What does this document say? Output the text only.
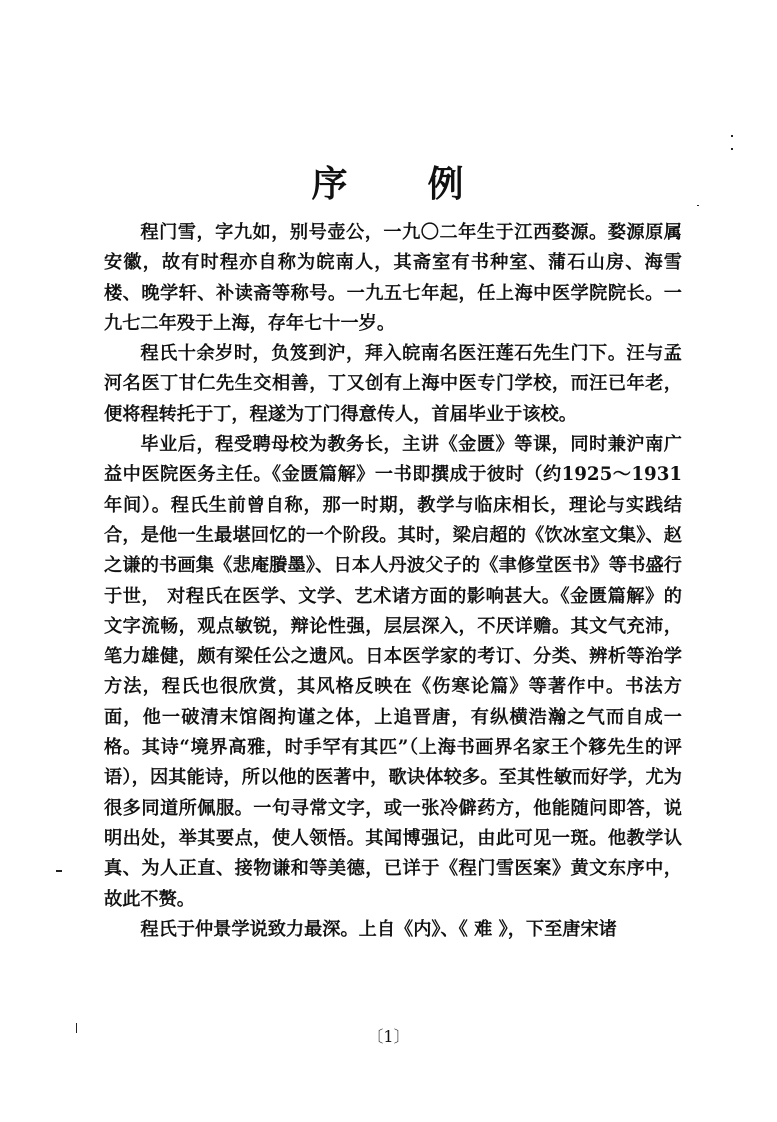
序 例

程门雪，字九如，别号壶公，一九〇二年生于江西婺源。婺源原属安徽，故有时程亦自称为皖南人，其斋室有书种室、蒲石山房、海雪楼、晚学轩、补读斋等称号。一九五七年起，任上海中医学院院长。一九七二年殁于上海，存年七十一岁。

程氏十余岁时，负笈到沪，拜入皖南名医汪莲石先生门下。汪与孟河名医丁甘仁先生交相善，丁又创有上海中医专门学校，而汪已年老，便将程转托于丁，程遂为丁门得意传人，首届毕业于该校。

毕业后，程受聘母校为教务长，主讲《金匮》等课，同时兼沪南广益中医院医务主任。《金匮篇解》一书即撰成于彼时（约1925～1931年间）。程氏生前曾自称，那一时期，教学与临床相长，理论与实践结合，是他一生最堪回忆的一个阶段。其时，梁启超的《饮冰室文集》、赵之谦的书画集《悲庵賸墨》、日本人丹波父子的《聿修堂医书》等书盛行于世， 对程氏在医学、文学、艺术诸方面的影响甚大。《金匮篇解》的文字流畅，观点敏锐，辩论性强，层层深入，不厌详赡。其文气充沛，笔力雄健，颇有梁任公之遗风。日本医学家的考订、分类、辨析等治学方法，程氏也很欣赏，其风格反映在《伤寒论篇》等著作中。书法方面，他一破清末馆阁拘谨之体，上追晋唐，有纵横浩瀚之气而自成一格。其诗“境界高雅，时手罕有其匹”（上海书画界名家王个簃先生的评语），因其能诗，所以他的医著中，歌诀体较多。至其性敏而好学，尤为很多同道所佩服。一句寻常文字，或一张冷僻药方，他能随问即答，说明出处，举其要点，使人领悟。其闻博强记，由此可见一斑。他教学认真、为人正直、接物谦和等美德，已详于《程门雪医案》黄文东序中，故此不赘。

程氏于仲景学说致力最深。上自《内》、《 难 》，下至唐宋诸

〔1〕
